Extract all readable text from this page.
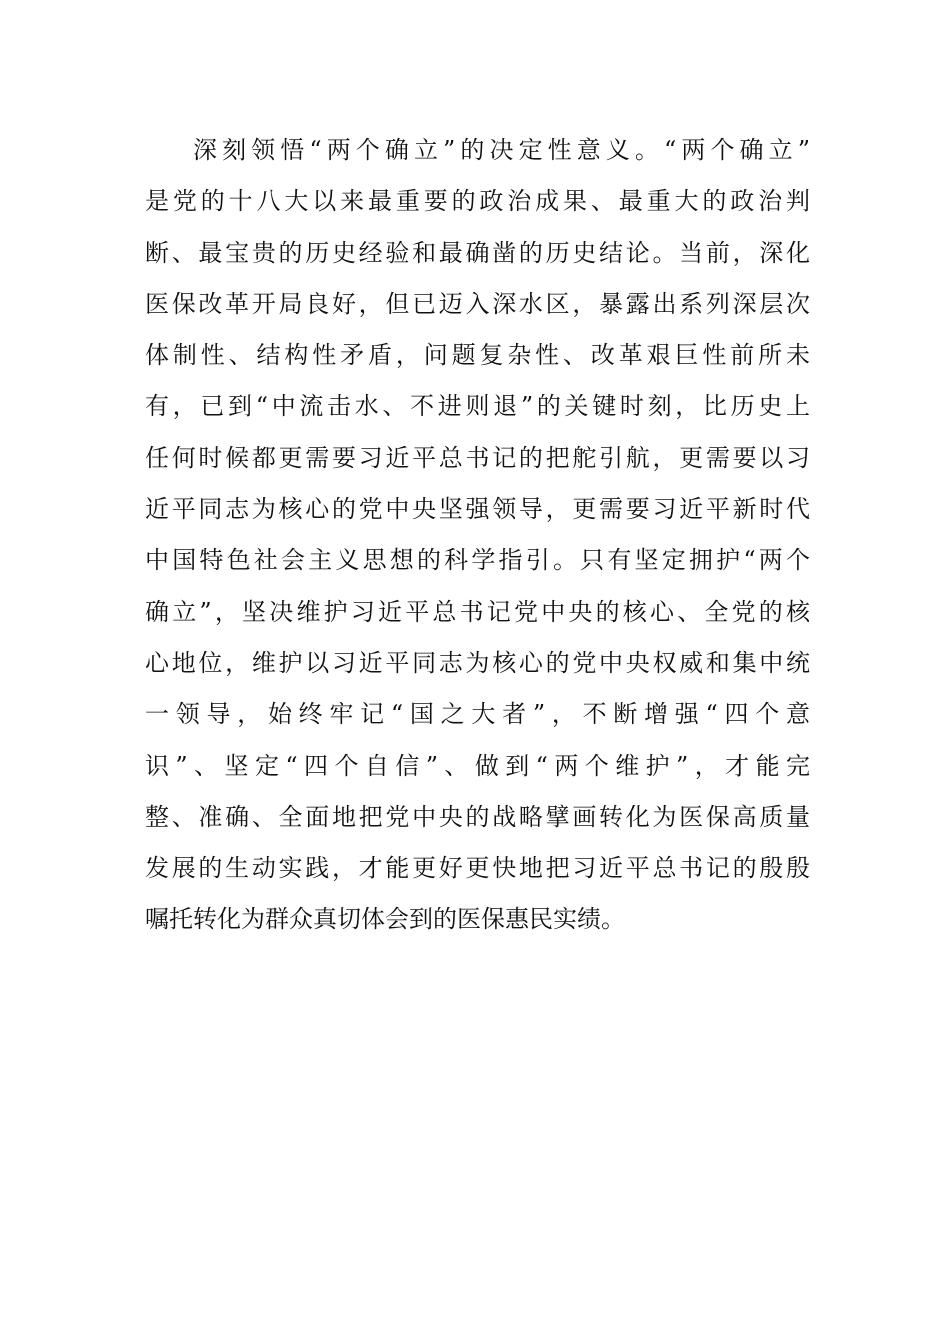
深刻领悟“两个确立”的决定性意义。“两个确立”
是党的十八大以来最重要的政治成果、最重大的政治判
断、最宝贵的历史经验和最确凿的历史结论。当前，深化
医保改革开局良好，但已迈入深水区，暴露出系列深层次
体制性、结构性矛盾，问题复杂性、改革艰巨性前所未
有，已到“中流击水、不进则退”的关键时刻，比历史上
任何时候都更需要习近平总书记的把舵引航，更需要以习
近平同志为核心的党中央坚强领导，更需要习近平新时代
中国特色社会主义思想的科学指引。只有坚定拥护“两个
确立”，坚决维护习近平总书记党中央的核心、全党的核
心地位，维护以习近平同志为核心的党中央权威和集中统
一领导，始终牢记“国之大者”，不断增强“四个意
识”、坚定“四个自信”、做到“两个维护”，才能完
整、准确、全面地把党中央的战略擘画转化为医保高质量
发展的生动实践，才能更好更快地把习近平总书记的殷殷
嘱托转化为群众真切体会到的医保惠民实绩。
